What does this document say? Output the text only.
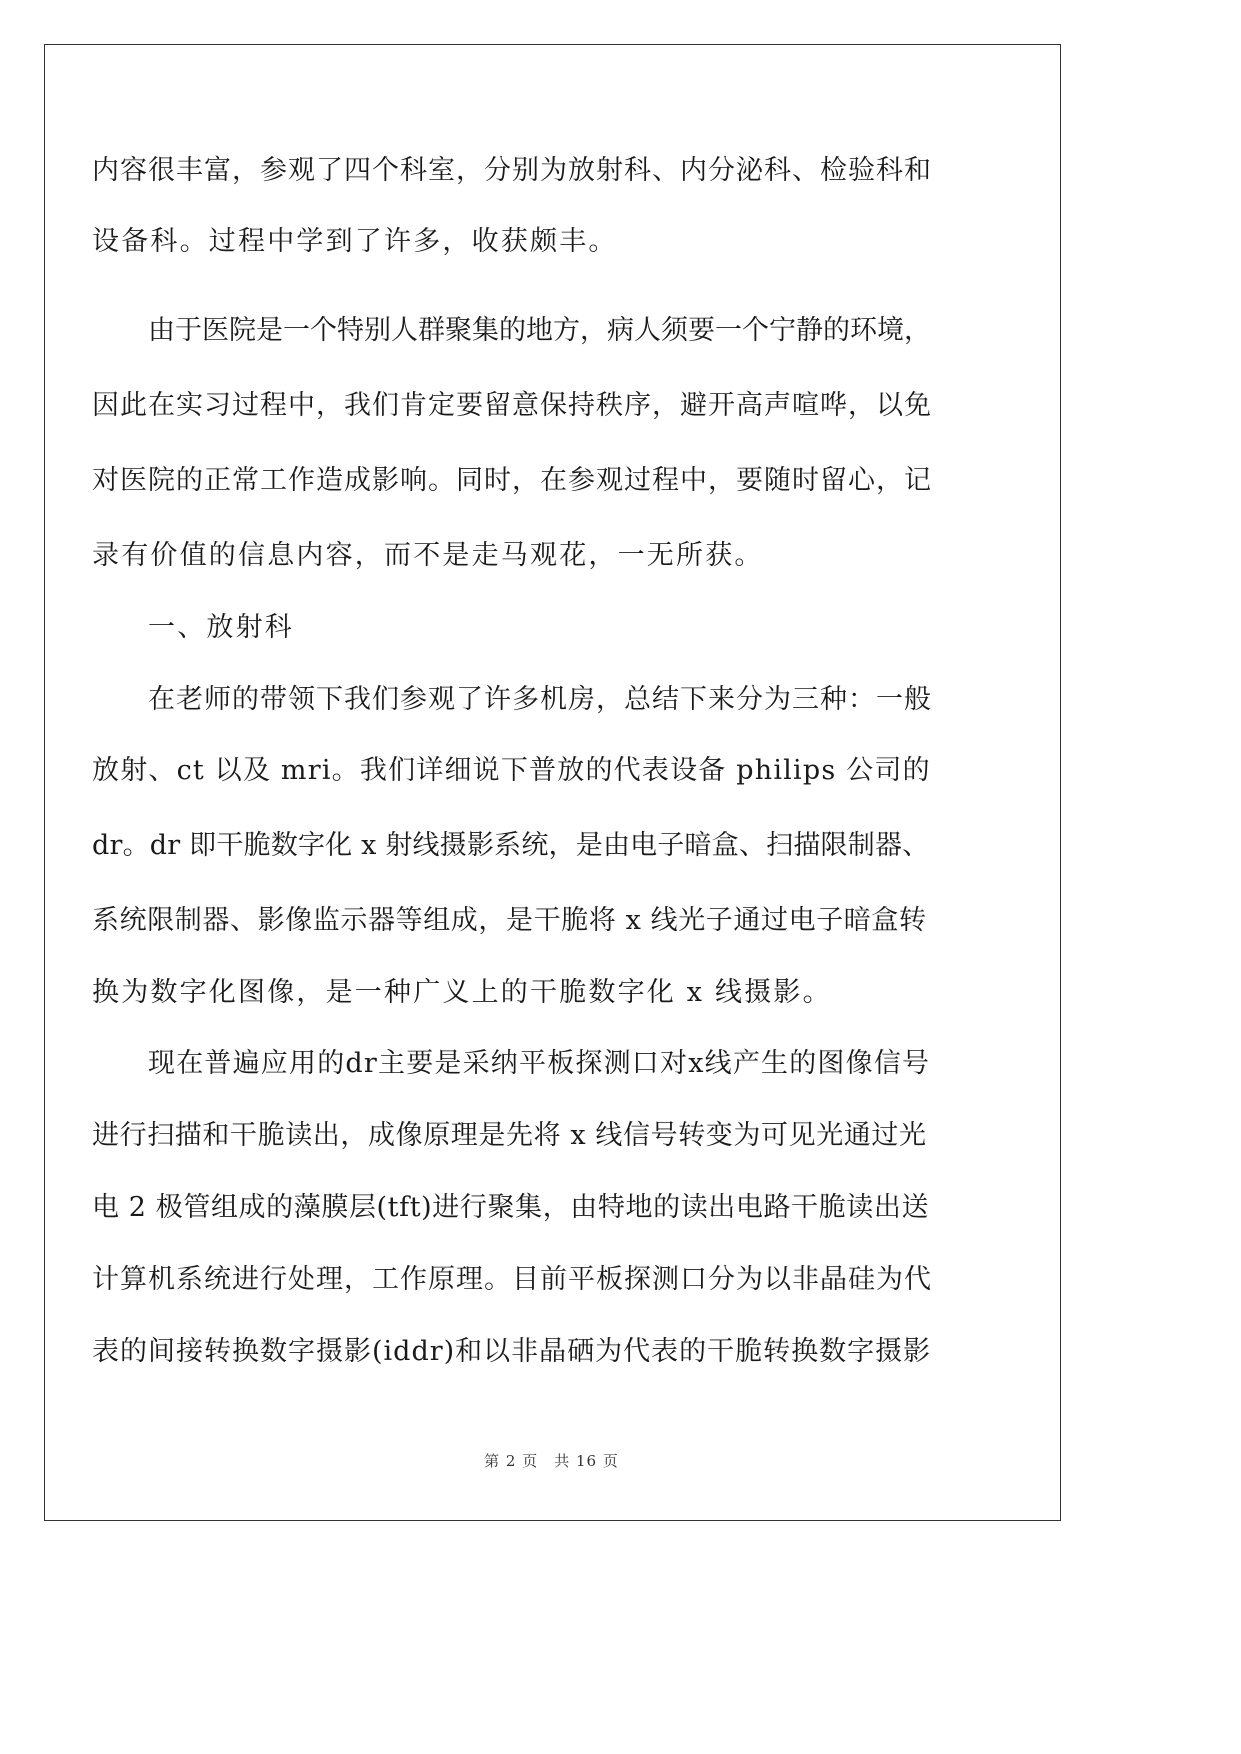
内容很丰富，参观了四个科室，分别为放射科、内分泌科、检验科和
设备科。过程中学到了许多，收获颇丰。
由于医院是一个特别人群聚集的地方，病人须要一个宁静的环境，
因此在实习过程中，我们肯定要留意保持秩序，避开高声喧哗，以免
对医院的正常工作造成影响。同时，在参观过程中，要随时留心，记
录有价值的信息内容，而不是走马观花，一无所获。
一、放射科
在老师的带领下我们参观了许多机房，总结下来分为三种：一般
放射、ct 以及 mri。我们详细说下普放的代表设备 philips 公司的
dr。dr 即干脆数字化 x 射线摄影系统，是由电子暗盒、扫描限制器、
系统限制器、影像监示器等组成，是干脆将 x 线光子通过电子暗盒转
换为数字化图像，是一种广义上的干脆数字化 x 线摄影。
现在普遍应用的dr主要是采纳平板探测口对x线产生的图像信号
进行扫描和干脆读出，成像原理是先将 x 线信号转变为可见光通过光
电 2 极管组成的藻膜层(tft)进行聚集，由特地的读出电路干脆读出送
计算机系统进行处理，工作原理。目前平板探测口分为以非晶硅为代
表的间接转换数字摄影(iddr)和以非晶硒为代表的干脆转换数字摄影
第 2 页 共 16 页
